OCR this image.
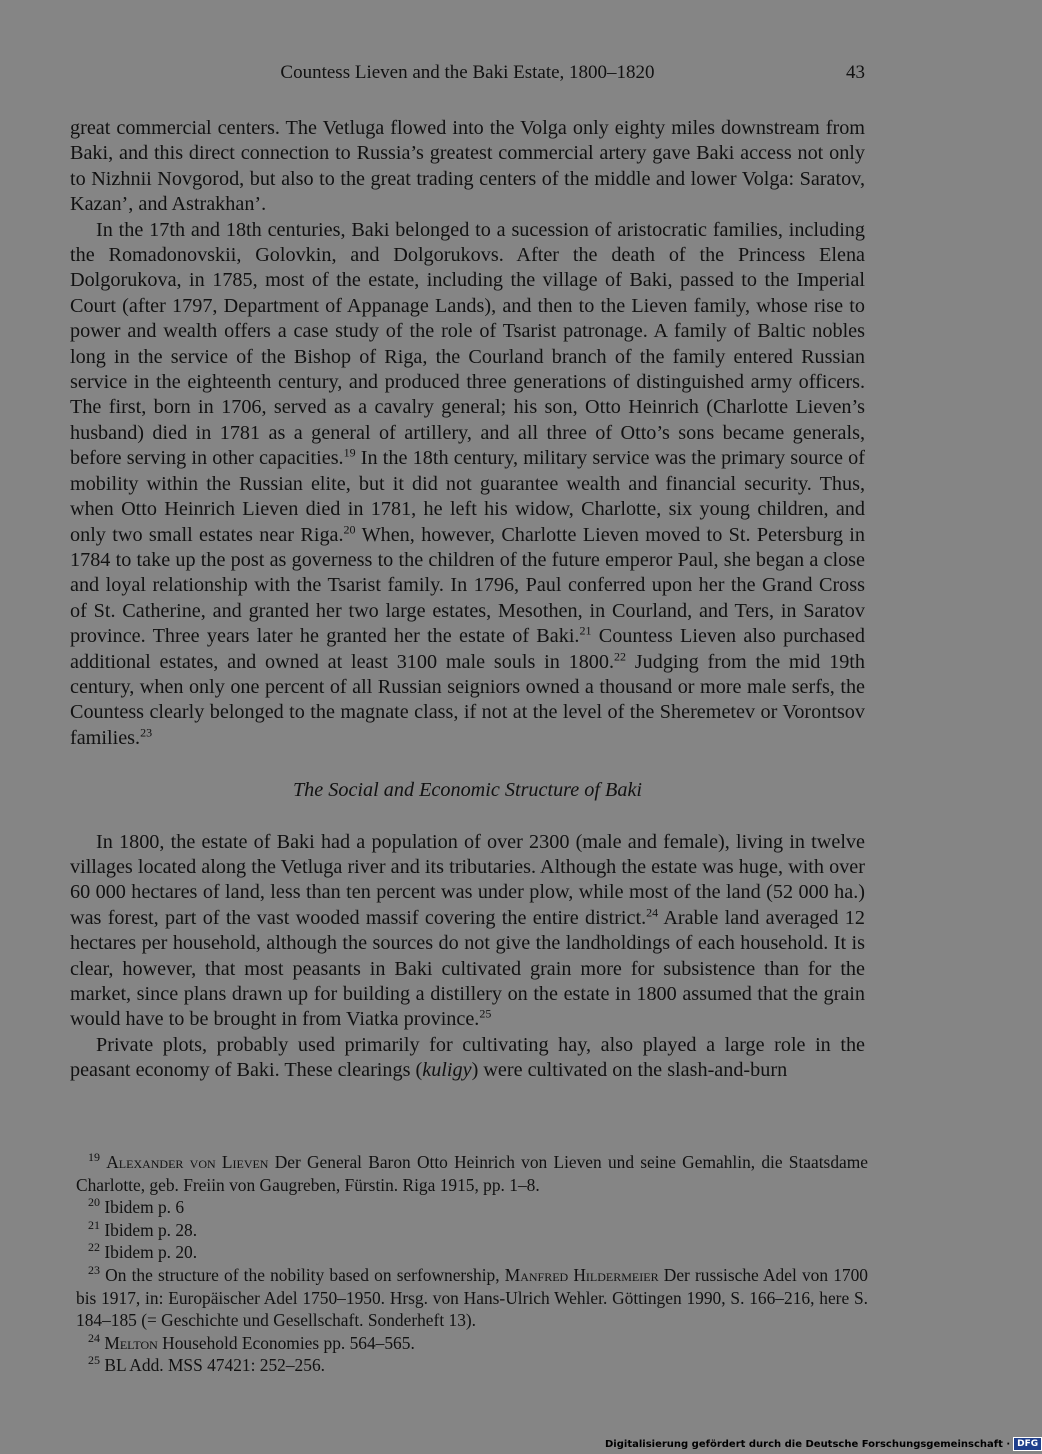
Countess Lieven and the Baki Estate, 1800–1820	43

great commercial centers. The Vetluga flowed into the Volga only eighty miles downstream from Baki, and this direct connection to Russia’s greatest commercial artery gave Baki access not only to Nizhnii Novgorod, but also to the great trading centers of the middle and lower Volga: Saratov, Kazan’, and Astrakhan’.

In the 17th and 18th centuries, Baki belonged to a sucession of aristocratic families, including the Romadonovskii, Golovkin, and Dolgorukovs. After the death of the Princess Elena Dolgorukova, in 1785, most of the estate, including the village of Baki, passed to the Imperial Court (after 1797, Department of Appanage Lands), and then to the Lieven family, whose rise to power and wealth offers a case study of the role of Tsarist patronage. A family of Baltic nobles long in the service of the Bishop of Riga, the Courland branch of the family entered Russian service in the eighteenth century, and produced three generations of distinguished army officers. The first, born in 1706, served as a cavalry general; his son, Otto Heinrich (Charlotte Lieven’s husband) died in 1781 as a general of artillery, and all three of Otto’s sons became generals, before serving in other capacities.$^{19}$ In the 18th century, military service was the primary source of mobility within the Russian elite, but it did not guarantee wealth and financial security. Thus, when Otto Heinrich Lieven died in 1781, he left his widow, Charlotte, six young children, and only two small estates near Riga.$^{20}$ When, however, Charlotte Lieven moved to St. Petersburg in 1784 to take up the post as governess to the children of the future emperor Paul, she began a close and loyal relationship with the Tsarist family. In 1796, Paul conferred upon her the Grand Cross of St. Catherine, and granted her two large estates, Mesothen, in Courland, and Ters, in Saratov province. Three years later he granted her the estate of Baki.$^{21}$ Countess Lieven also purchased additional estates, and owned at least 3100 male souls in 1800.22 Judging from the mid 19th century, when only one percent of all Russian seigniors owned a thousand or more male serfs, the Countess clearly belonged to the magnate class, if not at the level of the Sheremetev or Vorontsov families.$^{23}$

The Social and Economic Structure of Baki

In 1800, the estate of Baki had a population of over 2300 (male and female), living in twelve villages located along the Vetluga river and its tributaries. Although the estate was huge, with over 60 000 hectares of land, less than ten percent was under plow, while most of the land (52 000 ha.) was forest, part of the vast wooded massif covering the entire district.$^{24}$ Arable land averaged 12 hectares per household, although the sources do not give the landholdings of each household. It is clear, however, that most peasants in Baki cultivated grain more for subsistence than for the market, since plans drawn up for building a distillery on the estate in 1800 assumed that the grain would have to be brought in from Viatka province.$^{25}$

Private plots, probably used primarily for cultivating hay, also played a large role in the peasant economy of Baki. These clearings (kuligy) were cultivated on the slash-and-burn

$^{19}$ Alexander von Lieven Der General Baron Otto Heinrich von Lieven und seine Gemahlin, die Staatsdame Charlotte, geb. Freiin von Gaugreben, Fürstin. Riga 1915, pp. 1–8.

$^{20}$ Ibidem p. 6

$^{21}$ Ibidem p. 28.

$^{22}$ Ibidem p. 20.

$^{23}$ On the structure of the nobility based on serfownership, Manfred Hildermeier Der russische Adel von 1700 bis 1917, in: Europäischer Adel 1750–1950. Hrsg. von Hans-Ulrich Wehler. Göttingen 1990, S. 166–216, here S. 184–185 (= Geschichte und Gesellschaft. Sonderheft 13).

$^{24}$ Melton Household Economies pp. 564–565.

$^{25}$ BL Add. MSS 47421: 252–256.

Digitalisierung gefördert durch die Deutsche Forschungsgemeinschaft · DFG
